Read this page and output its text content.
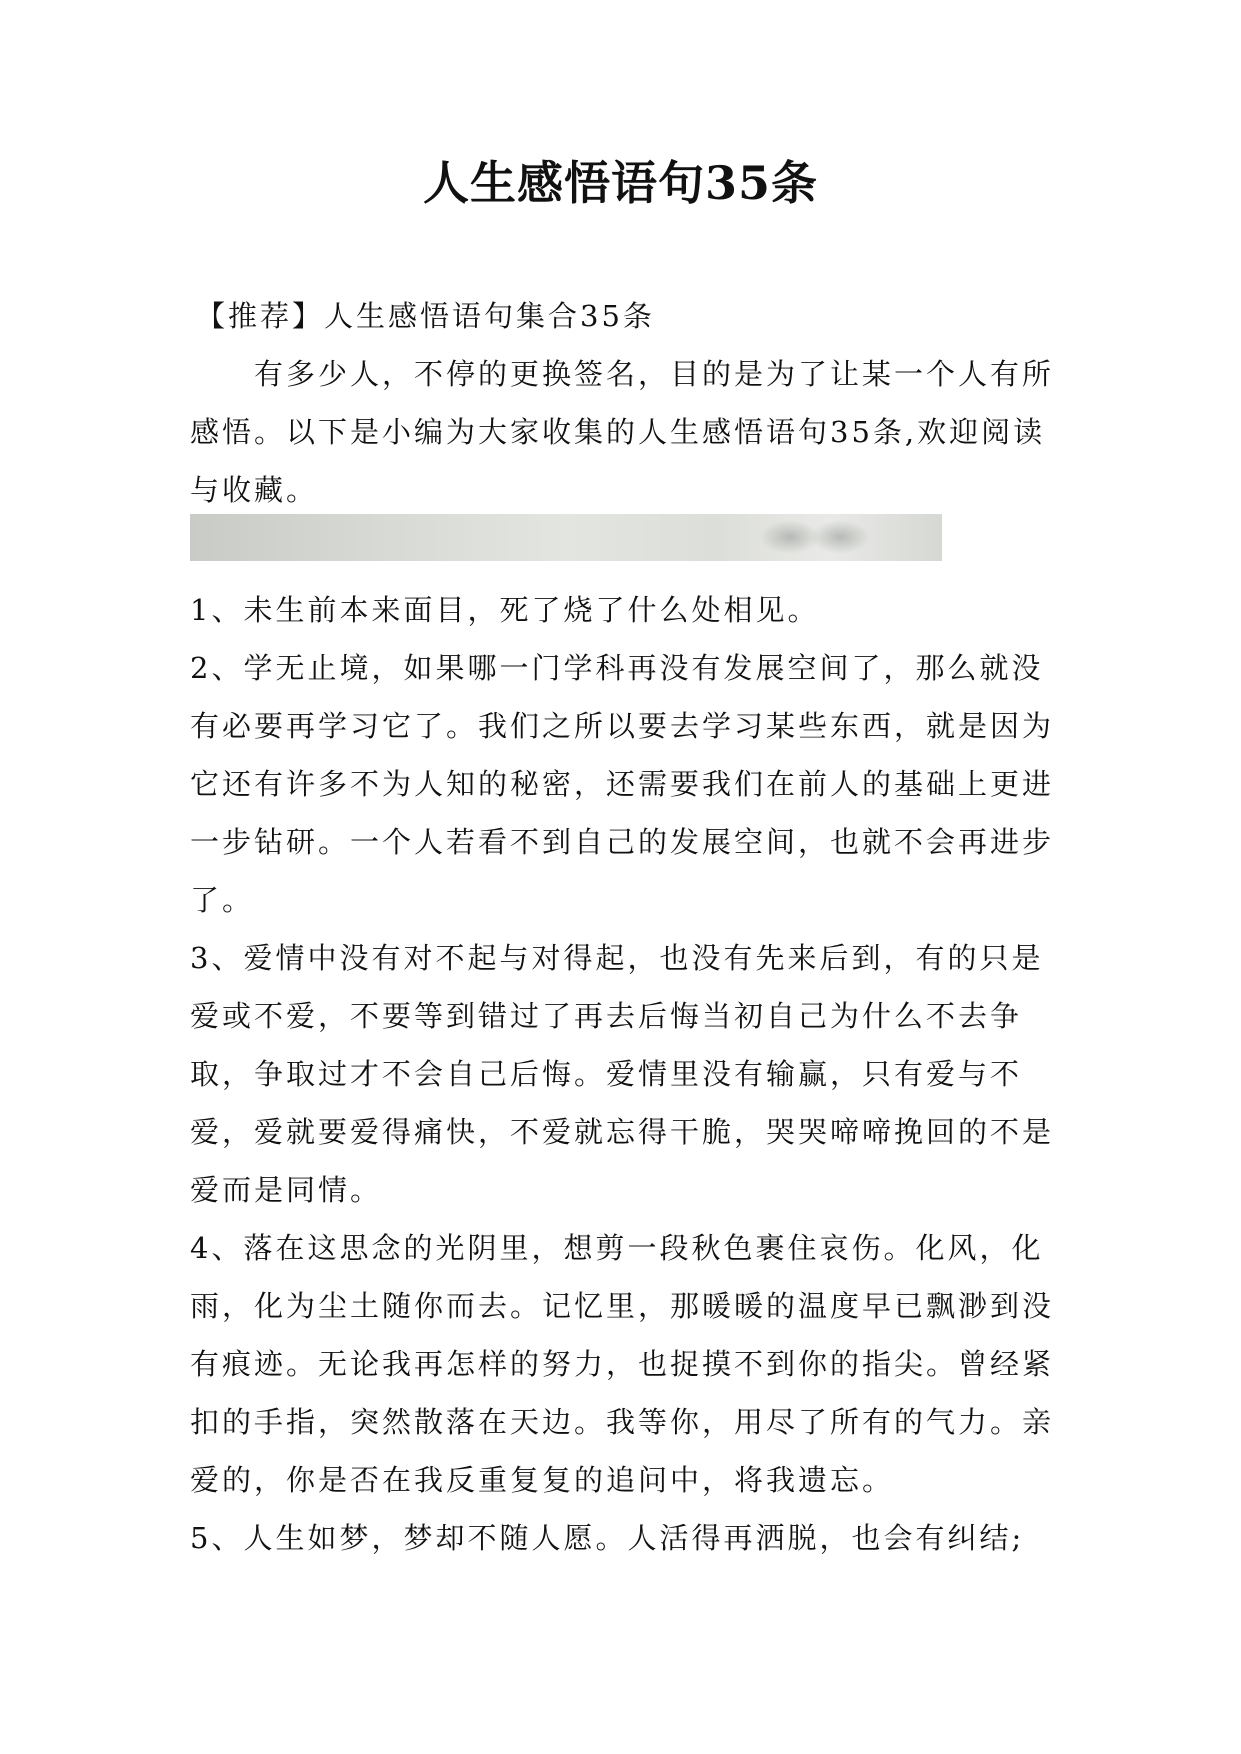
人生感悟语句35条
【推荐】人生感悟语句集合35条
有多少人，不停的更换签名，目的是为了让某一个人有所感悟。以下是小编为大家收集的人生感悟语句35条,欢迎阅读与收藏。

1、未生前本来面目，死了烧了什么处相见。

2、学无止境，如果哪一门学科再没有发展空间了，那么就没有必要再学习它了。我们之所以要去学习某些东西，就是因为它还有许多不为人知的秘密，还需要我们在前人的基础上更进一步钻研。一个人若看不到自己的发展空间，也就不会再进步了。

3、爱情中没有对不起与对得起，也没有先来后到，有的只是爱或不爱，不要等到错过了再去后悔当初自己为什么不去争取，争取过才不会自己后悔。爱情里没有输赢，只有爱与不爱，爱就要爱得痛快，不爱就忘得干脆，哭哭啼啼挽回的不是爱而是同情。

4、落在这思念的光阴里，想剪一段秋色裹住哀伤。化风，化雨，化为尘土随你而去。记忆里，那暖暖的温度早已飘渺到没有痕迹。无论我再怎样的努力，也捉摸不到你的指尖。曾经紧扣的手指，突然散落在天边。我等你，用尽了所有的气力。亲爱的，你是否在我反重复复的追问中，将我遗忘。

5、人生如梦，梦却不随人愿。人活得再洒脱，也会有纠结;
